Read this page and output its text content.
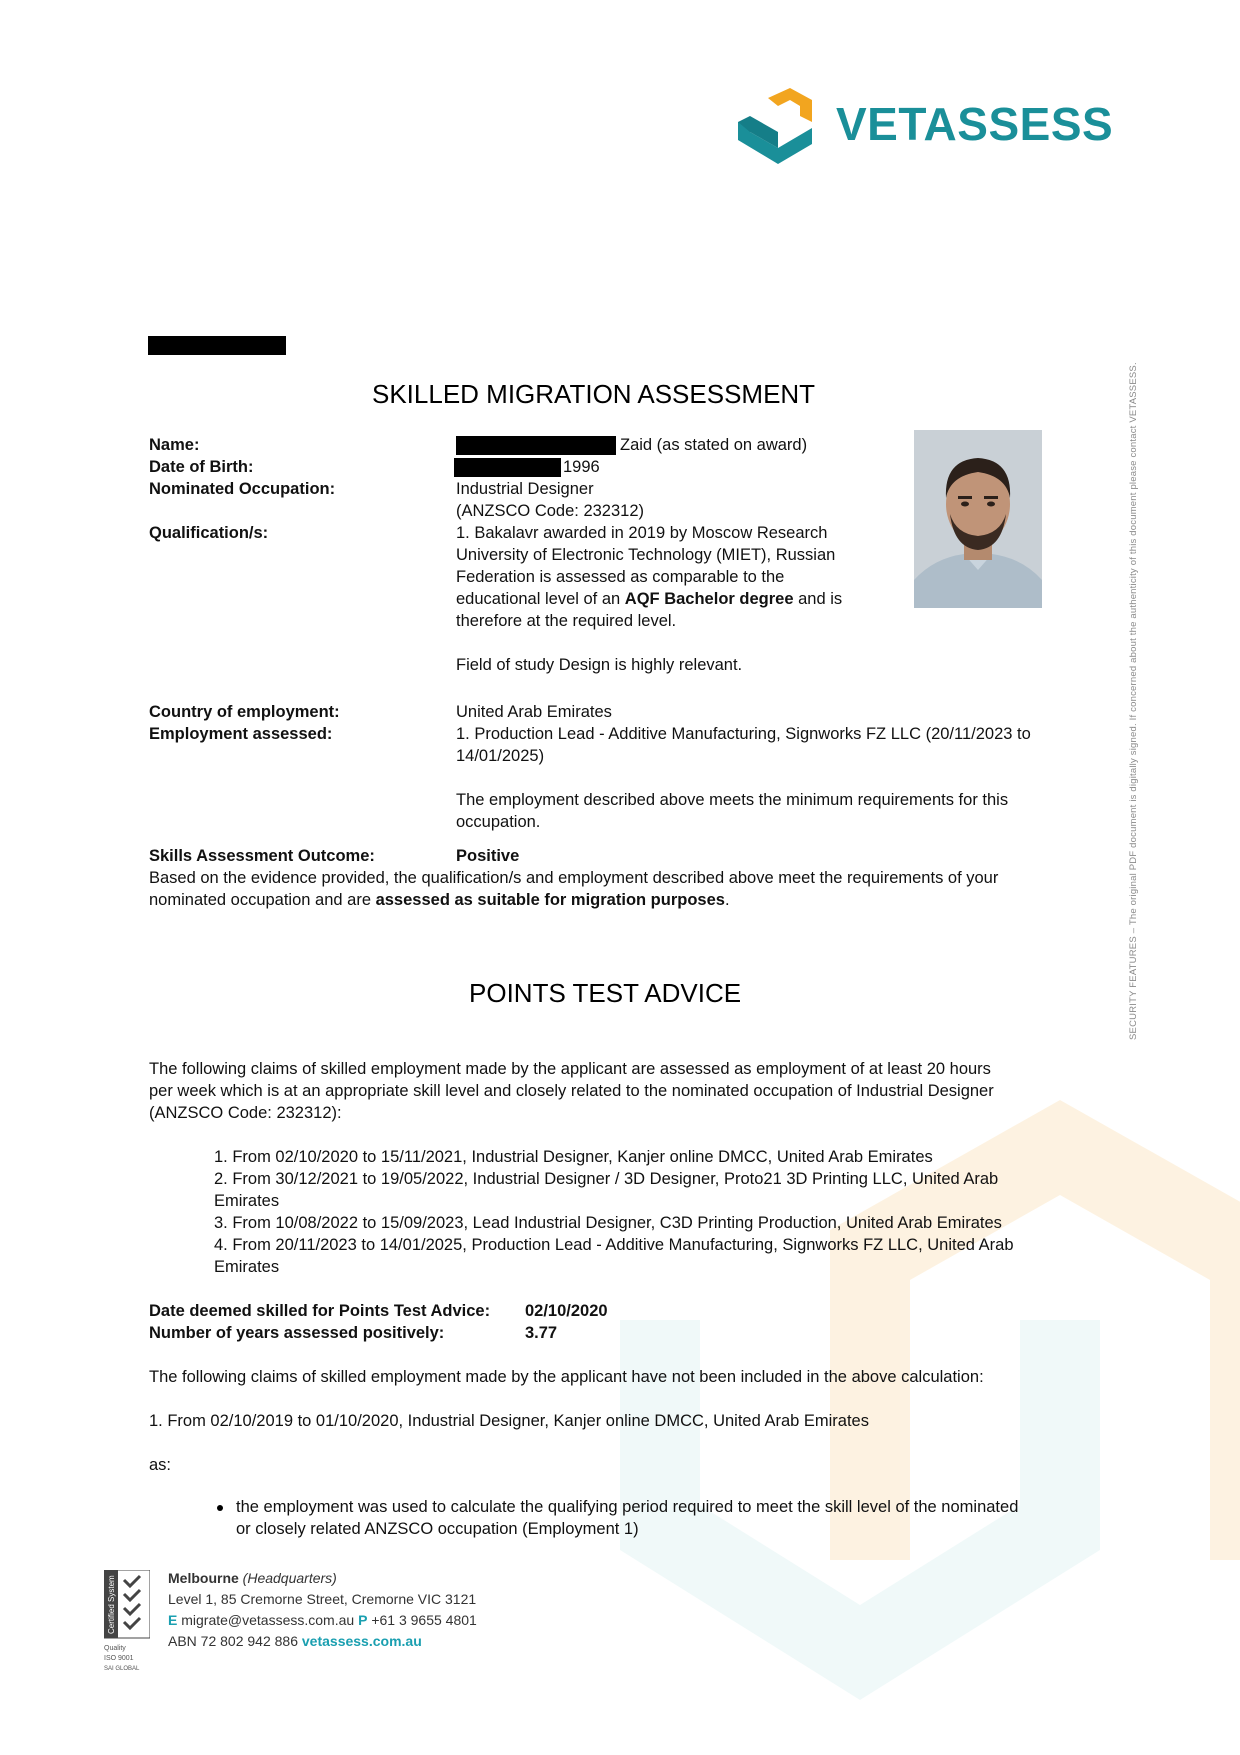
VETASSESS
SECURITY FEATURES – The original PDF document is digitally signed. If concerned about the authenticity of this document please contact VETASSESS.
SKILLED MIGRATION ASSESSMENT
Name:	Zaid (as stated on award)
Date of Birth:	1996
Nominated Occupation:	Industrial Designer
(ANZSCO Code: 232312)
Qualification/s:	1. Bakalavr awarded in 2019 by Moscow Research
University of Electronic Technology (MIET), Russian
Federation is assessed as comparable to the
educational level of an AQF Bachelor degree and is
therefore at the required level.
Field of study Design is highly relevant.
Country of employment:	United Arab Emirates
Employment assessed:	1. Production Lead - Additive Manufacturing, Signworks FZ LLC (20/11/2023 to
14/01/2025)
The employment described above meets the minimum requirements for this
occupation.
Skills Assessment Outcome:	Positive
Based on the evidence provided, the qualification/s and employment described above meet the requirements of your
nominated occupation and are assessed as suitable for migration purposes.
POINTS TEST ADVICE
The following claims of skilled employment made by the applicant are assessed as employment of at least 20 hours
per week which is at an appropriate skill level and closely related to the nominated occupation of Industrial Designer
(ANZSCO Code: 232312):
1. From 02/10/2020 to 15/11/2021, Industrial Designer, Kanjer online DMCC, United Arab Emirates
2. From 30/12/2021 to 19/05/2022, Industrial Designer / 3D Designer, Proto21 3D Printing LLC, United Arab
Emirates
3. From 10/08/2022 to 15/09/2023, Lead Industrial Designer, C3D Printing Production, United Arab Emirates
4. From 20/11/2023 to 14/01/2025, Production Lead - Additive Manufacturing, Signworks FZ LLC, United Arab
Emirates
Date deemed skilled for Points Test Advice: 02/10/2020
Number of years assessed positively:	3.77
The following claims of skilled employment made by the applicant have not been included in the above calculation:
1. From 02/10/2019 to 01/10/2020, Industrial Designer, Kanjer online DMCC, United Arab Emirates
as:
the employment was used to calculate the qualifying period required to meet the skill level of the nominated
or closely related ANZSCO occupation (Employment 1)
Certified System
Quality
ISO 9001
SAI GLOBAL
Melbourne (Headquarters)
Level 1, 85 Cremorne Street, Cremorne VIC 3121
E migrate@vetassess.com.au P +61 3 9655 4801
ABN 72 802 942 886 vetassess.com.au
